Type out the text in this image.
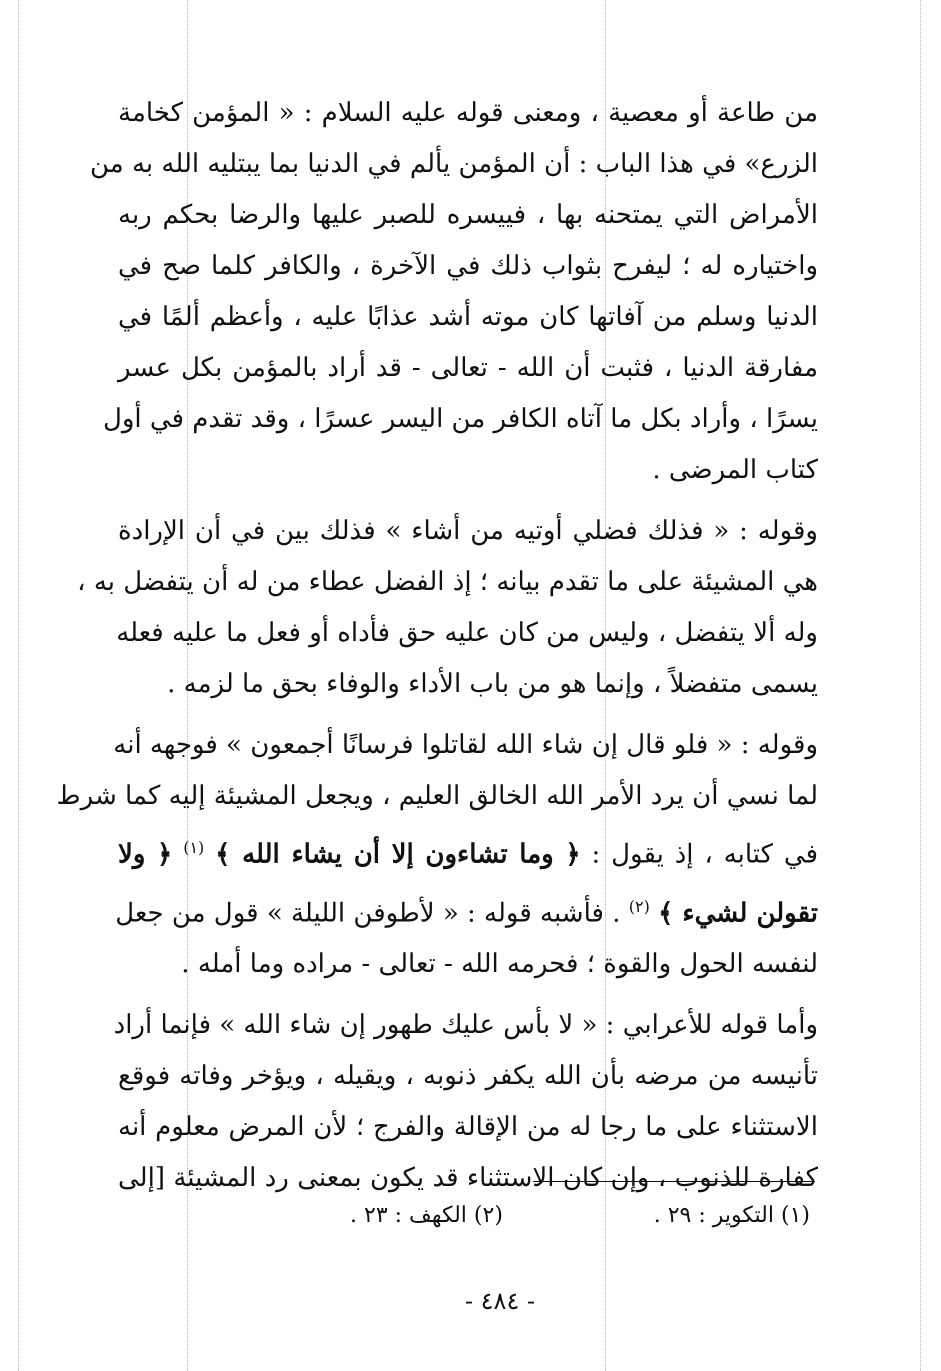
من طاعة أو معصية ، ومعنى قوله عليه السلام : « المؤمن كخامة
الزرع» في هذا الباب : أن المؤمن يألم في الدنيا بما يبتليه الله به من
الأمراض التي يمتحنه بها ، فييسره للصبر عليها والرضا بحكم ربه
واختياره له ؛ ليفرح بثواب ذلك في الآخرة ، والكافر كلما صح في
الدنيا وسلم من آفاتها كان موته أشد عذابًا عليه ، وأعظم ألمًا في
مفارقة الدنيا ، فثبت أن الله - تعالى - قد أراد بالمؤمن بكل عسر
يسرًا ، وأراد بكل ما آتاه الكافر من اليسر عسرًا ، وقد تقدم في أول
كتاب المرضى .

وقوله : « فذلك فضلي أوتيه من أشاء » فذلك بين في أن الإرادة
هي المشيئة على ما تقدم بيانه ؛ إذ الفضل عطاء من له أن يتفضل به ،
وله ألا يتفضل ، وليس من كان عليه حق فأداه أو فعل ما عليه فعله
يسمى متفضلاً ، وإنما هو من باب الأداء والوفاء بحق ما لزمه .

وقوله : « فلو قال إن شاء الله لقاتلوا فرسانًا أجمعون » فوجهه أنه
لما نسي أن يرد الأمر الله الخالق العليم ، ويجعل المشيئة إليه كما شرط
في كتابه ، إذ يقول : ﴿ وما تشاءون إلا أن يشاء الله ﴾ $^{(١)}$ ﴿ ولا
تقولن لشيء ﴾ $^{(٢)}$ . فأشبه قوله : « لأطوفن الليلة » قول من جعل
لنفسه الحول والقوة ؛ فحرمه الله - تعالى - مراده وما أمله .

وأما قوله للأعرابي : « لا بأس عليك طهور إن شاء الله » فإنما أراد
تأنيسه من مرضه بأن الله يكفر ذنوبه ، ويقيله ، ويؤخر وفاته فوقع
الاستثناء على ما رجا له من الإقالة والفرج ؛ لأن المرض معلوم أنه
كفارة للذنوب ، وإن كان الاستثناء قد يكون بمعنى رد المشيئة [إلى

(١) التكوير : ٢٩ .
(٢) الكهف : ٢٣ .
- ٤٨٤ -
